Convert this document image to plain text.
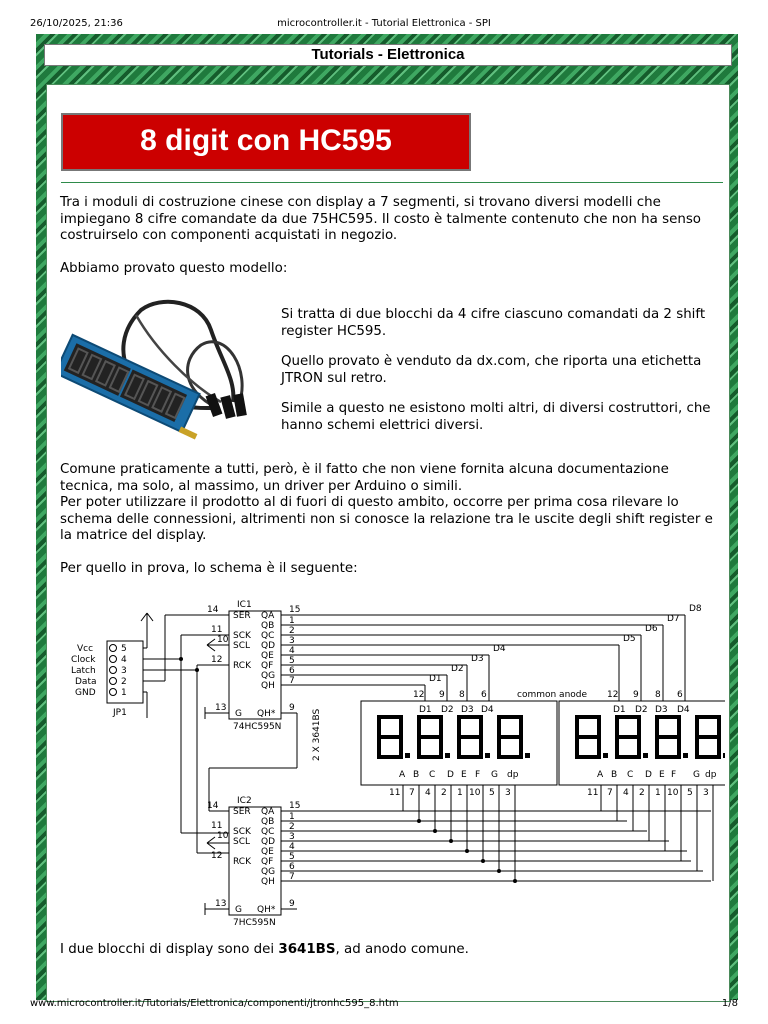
26/10/2025, 21:36	microcontroller.it - Tutorial Elettronica - SPI
Tutorials - Elettronica
8 digit con HC595
Tra i moduli di costruzione cinese con display a 7 segmenti, si trovano diversi modelli che impiegano 8 cifre comandate da due 75HC595. Il costo è talmente contenuto che non ha senso costruirselo con componenti acquistati in negozio.
Abbiamo provato questo modello:
Si tratta di due blocchi da 4 cifre ciascuno comandati da 2 shift register HC595.
Quello provato è venduto da dx.com, che riporta una etichetta JTRON sul retro.
Simile a questo ne esistono molti altri, di diversi costruttori, che hanno schemi elettrici diversi.
Comune praticamente a tutti, però, è il fatto che non viene fornita alcuna documentazione tecnica, ma solo, al massimo, un driver per Arduino o simili.
Per poter utilizzare il prodotto al di fuori di questo ambito, occorre per prima cosa rilevare lo schema delle connessioni, altrimenti non si conosce la relazione tra le uscite degli shift register e la matrice del display.
Per quello in prova, lo schema è il seguente:
IC1
IC2
74HC595N
7HC595N
JP1
Vcc
Clock
Latch
Data
GND
5
4
3
2
1
SER QA
QB
SCK QC
SCL QD
QE
RCK QF
QG
QH
G QH*
SER QA
QB
SCK QC
SCL QD
QE
RCK QF
QG
QH
G QH*
14
11
10
12
13
14
11
10
12
13
15
1
2
3
4
5
6
7
9
15
1
2
3
4
5
6
7
9
D8
D7
D6
D5
D4
D3
D2
D1
12 9 8 6	common anode 12 9 8 6
D1 D2 D3 D4	D1 D2 D3 D4
A B C D E F G dp	A B C D E F G dp
11 7 4 2 1 10 5 3	11 7 4 2 1 10 5 3
2 X 3641BS
I due blocchi di display sono dei 3641BS, ad anodo comune.
www.microcontroller.it/Tutorials/Elettronica/componenti/jtronhc595_8.htm	1/8
